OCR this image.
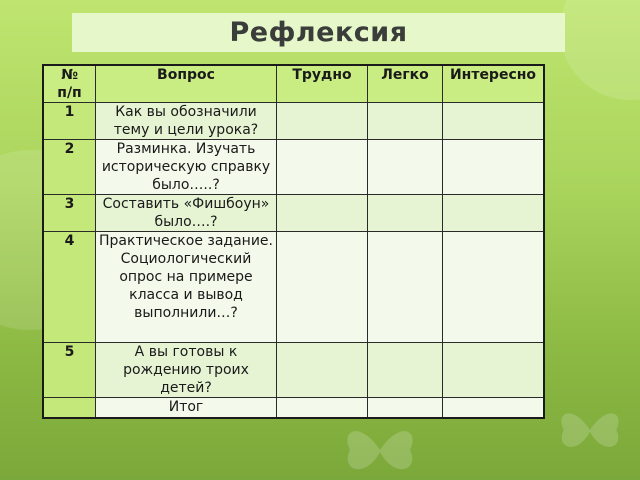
Рефлексия
№
п/п	Вопрос	Трудно	Легко	Интересно
1	Как вы обозначили тему и цели урока?			
2	Разминка. Изучать историческую справку было…..?			
3	Составить «Фишбоун» было….?			
4	Практическое задание. Социологический опрос на примере класса и вывод выполнили…?			
5	А вы готовы к рождению троих детей?			
	Итог			
